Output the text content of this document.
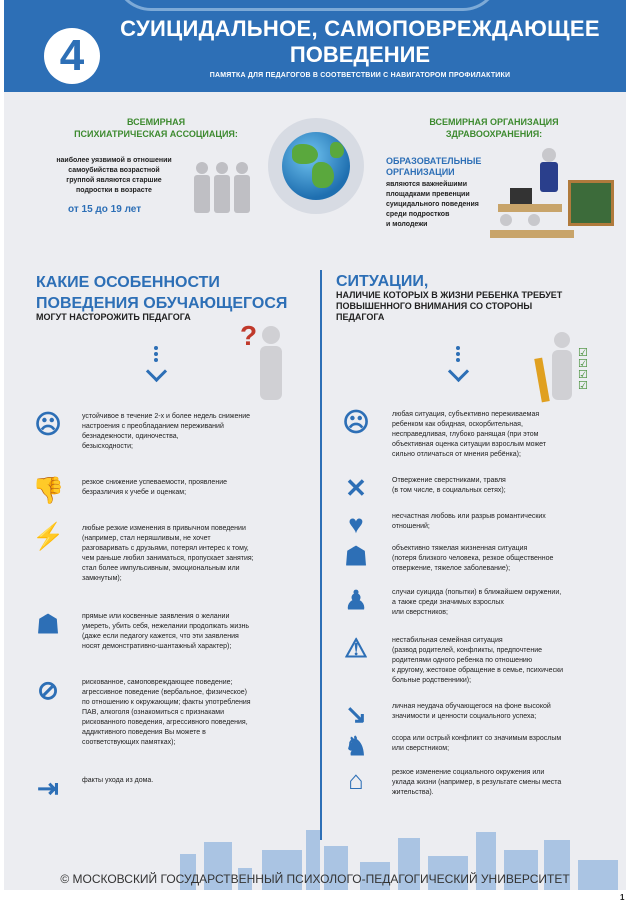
4
СУИЦИДАЛЬНОЕ, САМОПОВРЕЖДАЮЩЕЕ
ПОВЕДЕНИЕ
ПАМЯТКА ДЛЯ ПЕДАГОГОВ В СООТВЕТСТВИИ С НАВИГАТОРОМ ПРОФИЛАКТИКИ
ВСЕМИРНАЯ
ПСИХИАТРИЧЕСКАЯ АССОЦИАЦИЯ:
наиболее уязвимой в отношении
самоубийства возрастной
группой являются старшие
подростки в возрасте
от 15 до 19 лет
ВСЕМИРНАЯ ОРГАНИЗАЦИЯ
ЗДРАВООХРАНЕНИЯ:
ОБРАЗОВАТЕЛЬНЫЕ
ОРГАНИЗАЦИИ
являются важнейшими
площадками превенции
суицидального поведения
среди подростков
и молодежи
КАКИЕ ОСОБЕННОСТИ
ПОВЕДЕНИЯ ОБУЧАЮЩЕГОСЯ
МОГУТ НАСТОРОЖИТЬ ПЕДАГОГА
?
СИТУАЦИИ,
НАЛИЧИЕ КОТОРЫХ В ЖИЗНИ РЕБЕНКА ТРЕБУЕТ
ПОВЫШЕННОГО ВНИМАНИЯ СО СТОРОНЫ
ПЕДАГОГА
☑
☑
☑
☑
☹	устойчивое в течение 2-х и более недель снижение
настроения с преобладанием переживаний
безнадежности, одиночества,
безысходности;
👎	резкое снижение успеваемости, проявление
безразличия к учебе и оценкам;
⚡	любые резкие изменения в привычном поведении
(например, стал неряшливым, не хочет
разговаривать с друзьями, потерял интерес к тому,
чем раньше любил заниматься, пропускает занятия;
стал более импульсивным, эмоциональным или
замкнутым);
☗	прямые или косвенные заявления о желании
умереть, убить себя, нежелании продолжать жизнь
(даже если педагогу кажется, что эти заявления
носят демонстративно-шантажный характер);
⊘	рискованное, самоповреждающее поведение;
агрессивное поведение (вербальное, физическое)
по отношению к окружающим; факты употребления
ПАВ, алкоголя (ознакомиться с признаками
рискованного поведения, агрессивного поведения,
аддиктивного поведения Вы можете в
соответствующих памятках);
⇥	факты ухода из дома.
☹	любая ситуация, субъективно переживаемая
ребенком как обидная, оскорбительная,
несправедливая, глубоко ранящая (при этом
объективная оценка ситуации взрослым может
сильно отличаться от мнения ребёнка);
✕	Отвержение сверстниками, травля
(в том числе, в социальных сетях);
♥	несчастная любовь или разрыв романтических
отношений;
☗	объективно тяжелая жизненная ситуация
(потеря близкого человека, резкое общественное
отвержение, тяжелое заболевание);
♟	случаи суицида (попытки) в ближайшем окружении,
а также среди значимых взрослых
или сверстников;
⚠	нестабильная семейная ситуация
(развод родителей, конфликты, предпочтение
родителями одного ребенка по отношению
к другому, жестокое обращение в семье, психически
больные родственники);
↘	личная неудача обучающегося на фоне высокой
значимости и ценности социального успеха;
♞	ссора или острый конфликт со значимым взрослым
или сверстником;
⌂	резкое изменение социального окружения или
уклада жизни (например, в результате смены места
жительства).
© МОСКОВСКИЙ ГОСУДАРСТВЕННЫЙ ПСИХОЛОГО-ПЕДАГОГИЧЕСКИЙ УНИВЕРСИТЕТ
1
